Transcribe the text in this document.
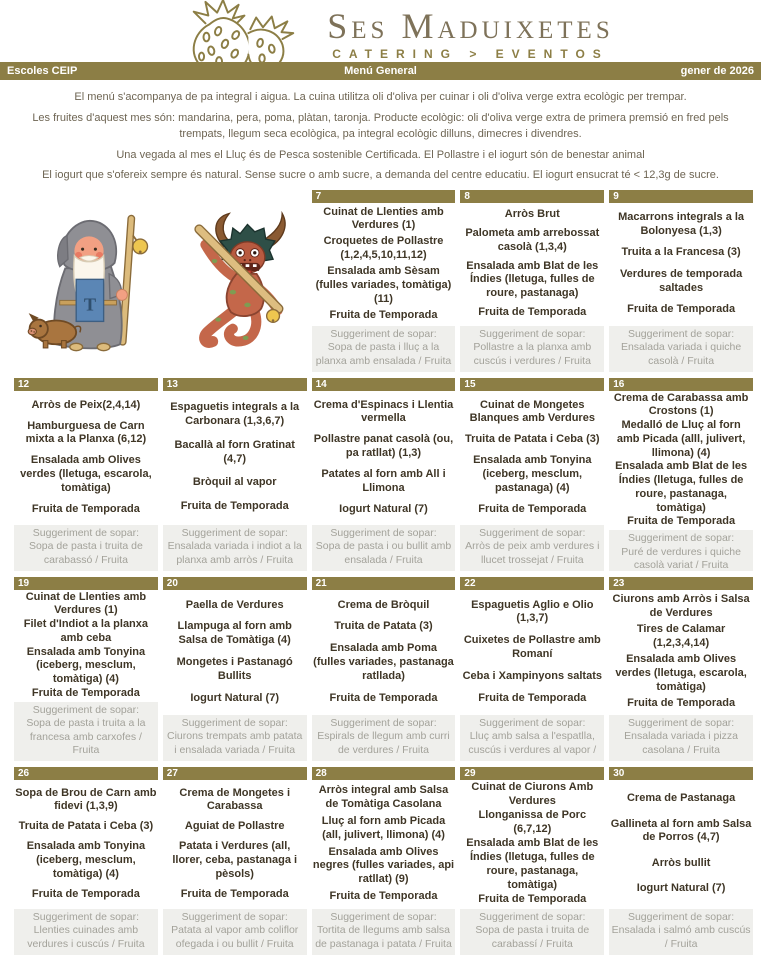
Ses Maduixetes
CATERING > EVENTOS
Menú General
Escoles CEIP	gener de 2026

El menú s'acompanya de pa integral i aigua. La cuina utilitza oli d'oliva per cuinar i oli d'oliva verge extra ecològic per trempar.

Les fruites d'aquest mes són: mandarina, pera, poma, plàtan, taronja. Producte ecològic: oli d'oliva verge extra de primera premsió en fred pels trempats, llegum seca ecològica, pa integral ecològic dilluns, dimecres i divendres.

Una vegada al mes el Lluç és de Pesca sostenible Certificada. El Pollastre i el iogurt són de benestar animal

El iogurt que s'ofereix sempre és natural. Sense sucre o amb sucre, a demanda del centre educatiu. El iogurt ensucrat té < 12,3g de sucre.

T
7
Cuinat de Llenties amb Verdures (1)
Croquetes de Pollastre (1,2,4,5,10,11,12)
Ensalada amb Sèsam (fulles variades, tomàtiga) (11)
Fruita de Temporada
Suggeriment de sopar:
Sopa de pasta i lluç a la planxa amb ensalada / Fruita
8
Arròs Brut
Palometa amb arrebossat casolà (1,3,4)
Ensalada amb Blat de les Índies (lletuga, fulles de roure, pastanaga)
Fruita de Temporada
Suggeriment de sopar:
Pollastre a la planxa amb cuscús i verdures / Fruita
9
Macarrons integrals a la Bolonyesa (1,3)
Truita a la Francesa (3)
Verdures de temporada saltades
Fruita de Temporada
Suggeriment de sopar:
Ensalada variada i quiche casolà / Fruita
12
Arròs de Peix(2,4,14)
Hamburguesa de Carn mixta a la Planxa (6,12)
Ensalada amb Olives verdes (lletuga, escarola, tomàtiga)
Fruita de Temporada
Suggeriment de sopar:
Sopa de pasta i truita de carabassó / Fruita
13
Espaguetis integrals a la Carbonara (1,3,6,7)
Bacallà al forn Gratinat (4,7)
Bròquil al vapor
Fruita de Temporada
Suggeriment de sopar:
Ensalada variada i indiot a la planxa amb arròs / Fruita
14
Crema d'Espinacs i Llentia vermella
Pollastre panat casolà (ou, pa ratllat) (1,3)
Patates al forn amb All i Llimona
Iogurt Natural (7)
Suggeriment de sopar:
Sopa de pasta i ou bullit amb ensalada / Fruita
15
Cuinat de Mongetes Blanques amb Verdures
Truita de Patata i Ceba (3)
Ensalada amb Tonyina (iceberg, mesclum, pastanaga) (4)
Fruita de Temporada
Suggeriment de sopar:
Arròs de peix amb verdures i llucet trossejat / Fruita
16
Crema de Carabassa amb Crostons (1)
Medalló de Lluç al forn amb Picada (alll, julivert, llimona) (4)
Ensalada amb Blat de les Índies (lletuga, fulles de roure, pastanaga, tomàtiga)
Fruita de Temporada
Suggeriment de sopar:
Puré de verdures i quiche casolà variat / Fruita
19
Cuinat de Llenties amb Verdures (1)
Filet d'Indiot a la planxa amb ceba
Ensalada amb Tonyina (iceberg, mesclum, tomàtiga) (4)
Fruita de Temporada
Suggeriment de sopar:
Sopa de pasta i truita a la francesa amb carxofes / Fruita
20
Paella de Verdures
Llampuga al forn amb Salsa de Tomàtiga (4)
Mongetes i Pastanagó Bullits
Iogurt Natural (7)
Suggeriment de sopar:
Ciurons trempats amb patata i ensalada variada / Fruita
21
Crema de Bròquil
Truita de Patata (3)
Ensalada amb Poma (fulles variades, pastanaga ratllada)
Fruita de Temporada
Suggeriment de sopar:
Espirals de llegum amb curri de verdures / Fruita
22
Espaguetis Aglio e Olio (1,3,7)
Cuixetes de Pollastre amb Romaní
Ceba i Xampinyons saltats
Fruita de Temporada
Suggeriment de sopar:
Lluç amb salsa a l'espatlla, cuscús i verdures al vapor /
23
Ciurons amb Arròs i Salsa de Verdures
Tires de Calamar (1,2,3,4,14)
Ensalada amb Olives verdes (lletuga, escarola, tomàtiga)
Fruita de Temporada
Suggeriment de sopar:
Ensalada variada i pizza casolana / Fruita
26
Sopa de Brou de Carn amb fidevi (1,3,9)
Truita de Patata i Ceba (3)
Ensalada amb Tonyina (iceberg, mesclum, tomàtiga) (4)
Fruita de Temporada
Suggeriment de sopar:
Llenties cuinades amb verdures i cuscús / Fruita
27
Crema de Mongetes i Carabassa
Aguiat de Pollastre
Patata i Verdures (all, llorer, ceba, pastanaga i pèsols)
Fruita de Temporada
Suggeriment de sopar:
Patata al vapor amb coliflor ofegada i ou bullit / Fruita
28
Arròs integral amb Salsa de Tomàtiga Casolana
Lluç al forn amb Picada (all, julivert, llimona) (4)
Ensalada amb Olives negres (fulles variades, api ratllat) (9)
Fruita de Temporada
Suggeriment de sopar:
Tortita de llegums amb salsa de pastanaga i patata / Fruita
29
Cuinat de Ciurons Amb Verdures
Llonganissa de Porc (6,7,12)
Ensalada amb Blat de les Índies (lletuga, fulles de roure, pastanaga, tomàtiga)
Fruita de Temporada
Suggeriment de sopar:
Sopa de pasta i truita de carabassí / Fruita
30
Crema de Pastanaga
Gallineta al forn amb Salsa de Porros (4,7)
Arròs bullit
Iogurt Natural (7)
Suggeriment de sopar:
Ensalada i salmó amb cuscús / Fruita
